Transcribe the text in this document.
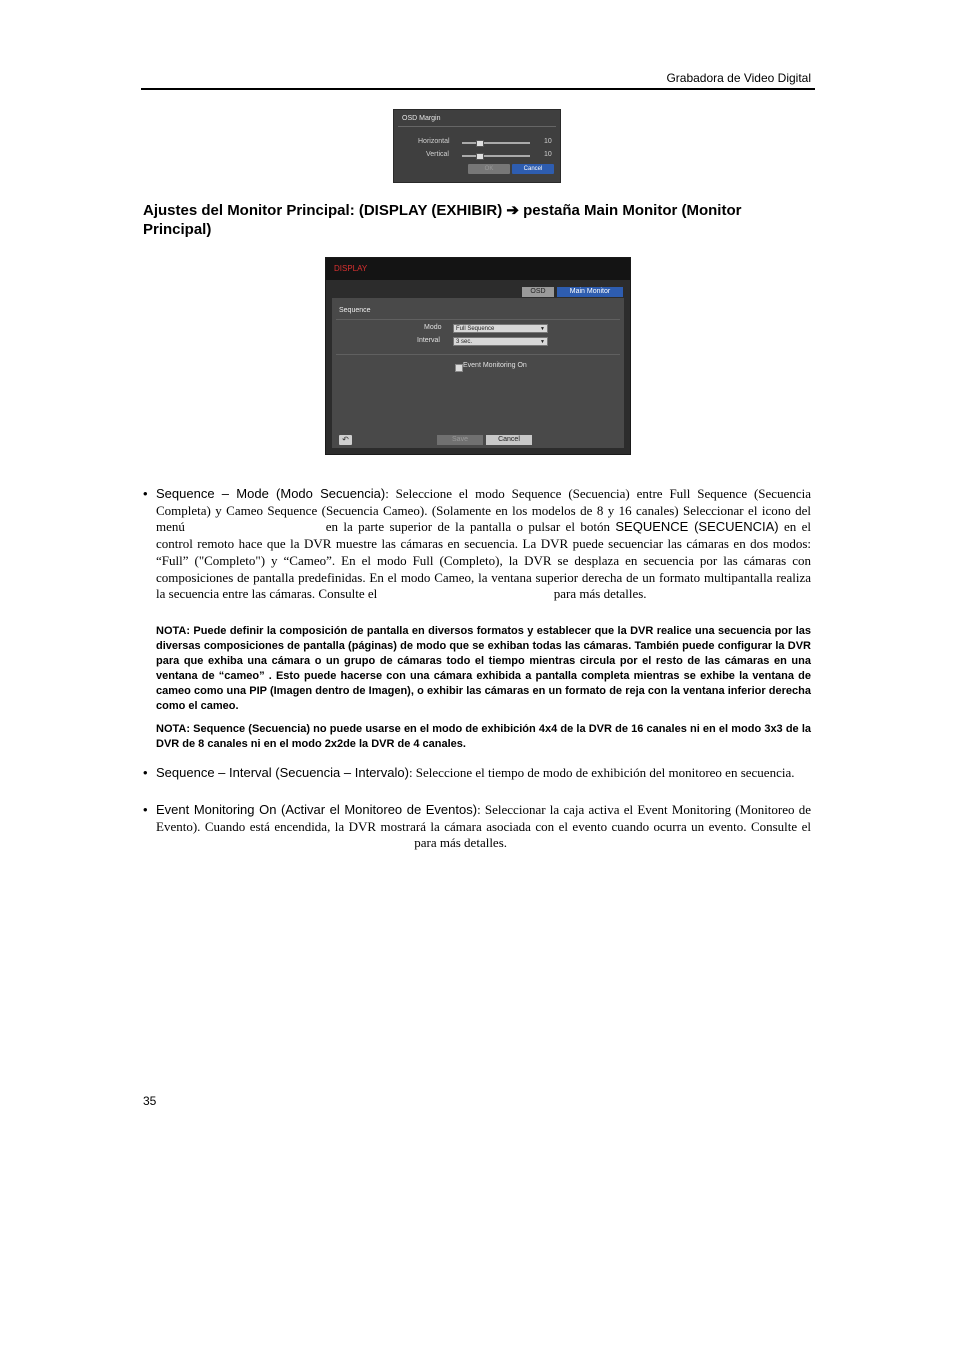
Grabadora de Video Digital
OSD Margin
Horizontal	10
Vertical	10
OK	Cancel
Ajustes del Monitor Principal: (DISPLAY (EXHIBIR) ➔ pestaña Main Monitor (Monitor Principal)
DISPLAY
OSD	Main Monitor
Sequence
Modo	Full Sequence	▼
Interval	3 sec.	▼
Event Monitoring On
↶	Save	Cancel
• Sequence – Mode (Modo Secuencia): Seleccione el modo Sequence (Secuencia) entre Full Sequence (Secuencia Completa) y Cameo Sequence (Secuencia Cameo). (Solamente en los modelos de 8 y 16 canales) Seleccionar el icono del menú	en la parte superior de la pantalla o pulsar el botón SEQUENCE (SECUENCIA) en el control remoto hace que la DVR muestre las cámaras en secuencia. La DVR puede secuenciar las cámaras en dos modos: “Full” ("Completo") y “Cameo”. En el modo Full (Completo), la DVR se desplaza en secuencia por las cámaras con composiciones de pantalla predefinidas. En el modo Cameo, la ventana superior derecha de un formato multipantalla realiza la secuencia entre las cámaras. Consulte el	para más detalles.
NOTA: Puede definir la composición de pantalla en diversos formatos y establecer que la DVR realice una secuencia por las diversas composiciones de pantalla (páginas) de modo que se exhiban todas las cámaras. También puede configurar la DVR para que exhiba una cámara o un grupo de cámaras todo el tiempo mientras circula por el resto de las cámaras en una ventana de “cameo” . Esto puede hacerse con una cámara exhibida a pantalla completa mientras se exhibe la ventana de cameo como una PIP (Imagen dentro de Imagen), o exhibir las cámaras en un formato de reja con la ventana inferior derecha como el cameo.
NOTA: Sequence (Secuencia) no puede usarse en el modo de exhibición 4x4 de la DVR de 16 canales ni en el modo 3x3 de la DVR de 8 canales ni en el modo 2x2de la DVR de 4 canales.
• Sequence – Interval (Secuencia – Intervalo): Seleccione el tiempo de modo de exhibición del monitoreo en secuencia.
• Event Monitoring On (Activar el Monitoreo de Eventos): Seleccionar la caja activa el Event Monitoring (Monitoreo de Evento). Cuando está encendida, la DVR mostrará la cámara asociada con el evento cuando ocurra un evento. Consulte el  para más detalles.
35
